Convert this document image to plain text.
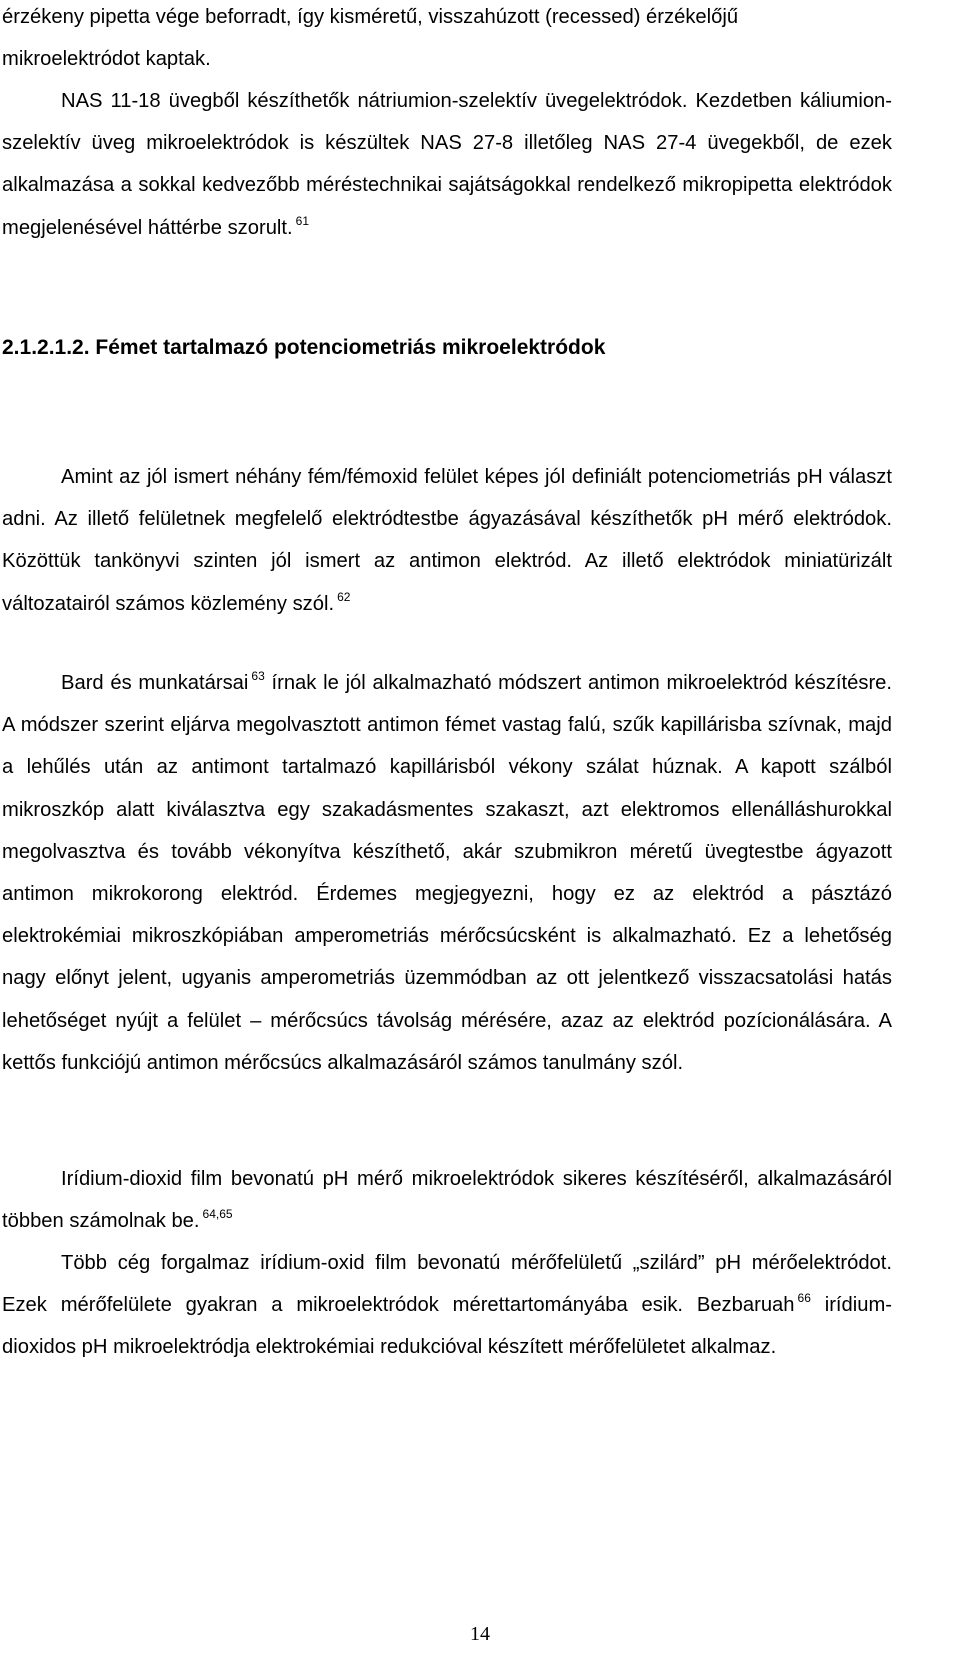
érzékeny pipetta vége beforradt, így kisméretű, visszahúzott (recessed) érzékelőjű

mikroelektródot kaptak.

NAS 11-18 üvegből készíthetők nátriumion-szelektív üvegelektródok. Kezdetben káliumion-szelektív üveg mikroelektródok is készültek NAS 27-8 illetőleg NAS 27-4 üvegekből, de ezek alkalmazása a sokkal kedvezőbb méréstechnikai sajátságokkal rendelkező mikropipetta elektródok megjelenésével háttérbe szorult. $^{61}$

2.1.2.1.2. Fémet tartalmazó potenciometriás mikroelektródok

Amint az jól ismert néhány fém/fémoxid felület képes jól definiált potenciometriás pH választ adni. Az illető felületnek megfelelő elektródtestbe ágyazásával készíthetők pH mérő elektródok. Közöttük tankönyvi szinten jól ismert az antimon elektród. Az illető elektródok miniatürizált változatairól számos közlemény szól. $^{62}$

Bard és munkatársai $^{63}$ írnak le jól alkalmazható módszert antimon mikroelektród készítésre. A módszer szerint eljárva megolvasztott antimon fémet vastag falú, szűk kapillárisba szívnak, majd a lehűlés után az antimont tartalmazó kapillárisból vékony szálat húznak. A kapott szálból mikroszkóp alatt kiválasztva egy szakadásmentes szakaszt, azt elektromos ellenálláshurokkal megolvasztva és tovább vékonyítva készíthető, akár szubmikron méretű üvegtestbe ágyazott antimon mikrokorong elektród. Érdemes megjegyezni, hogy ez az elektród a pásztázó elektrokémiai mikroszkópiában amperometriás mérőcsúcsként is alkalmazható. Ez a lehetőség nagy előnyt jelent, ugyanis amperometriás üzemmódban az ott jelentkező visszacsatolási hatás lehetőséget nyújt a felület – mérőcsúcs távolság mérésére, azaz az elektród pozícionálására. A kettős funkciójú antimon mérőcsúcs alkalmazásáról számos tanulmány szól.

Irídium-dioxid film bevonatú pH mérő mikroelektródok sikeres készítéséről, alkalmazásáról többen számolnak be. $^{64,65}$

Több cég forgalmaz irídium-oxid film bevonatú mérőfelületű „szilárd” pH mérőelektródot. Ezek mérőfelülete gyakran a mikroelektródok mérettartományába esik. Bezbaruah $^{66}$ irídium-dioxidos pH mikroelektródja elektrokémiai redukcióval készített mérőfelületet alkalmaz.

14
